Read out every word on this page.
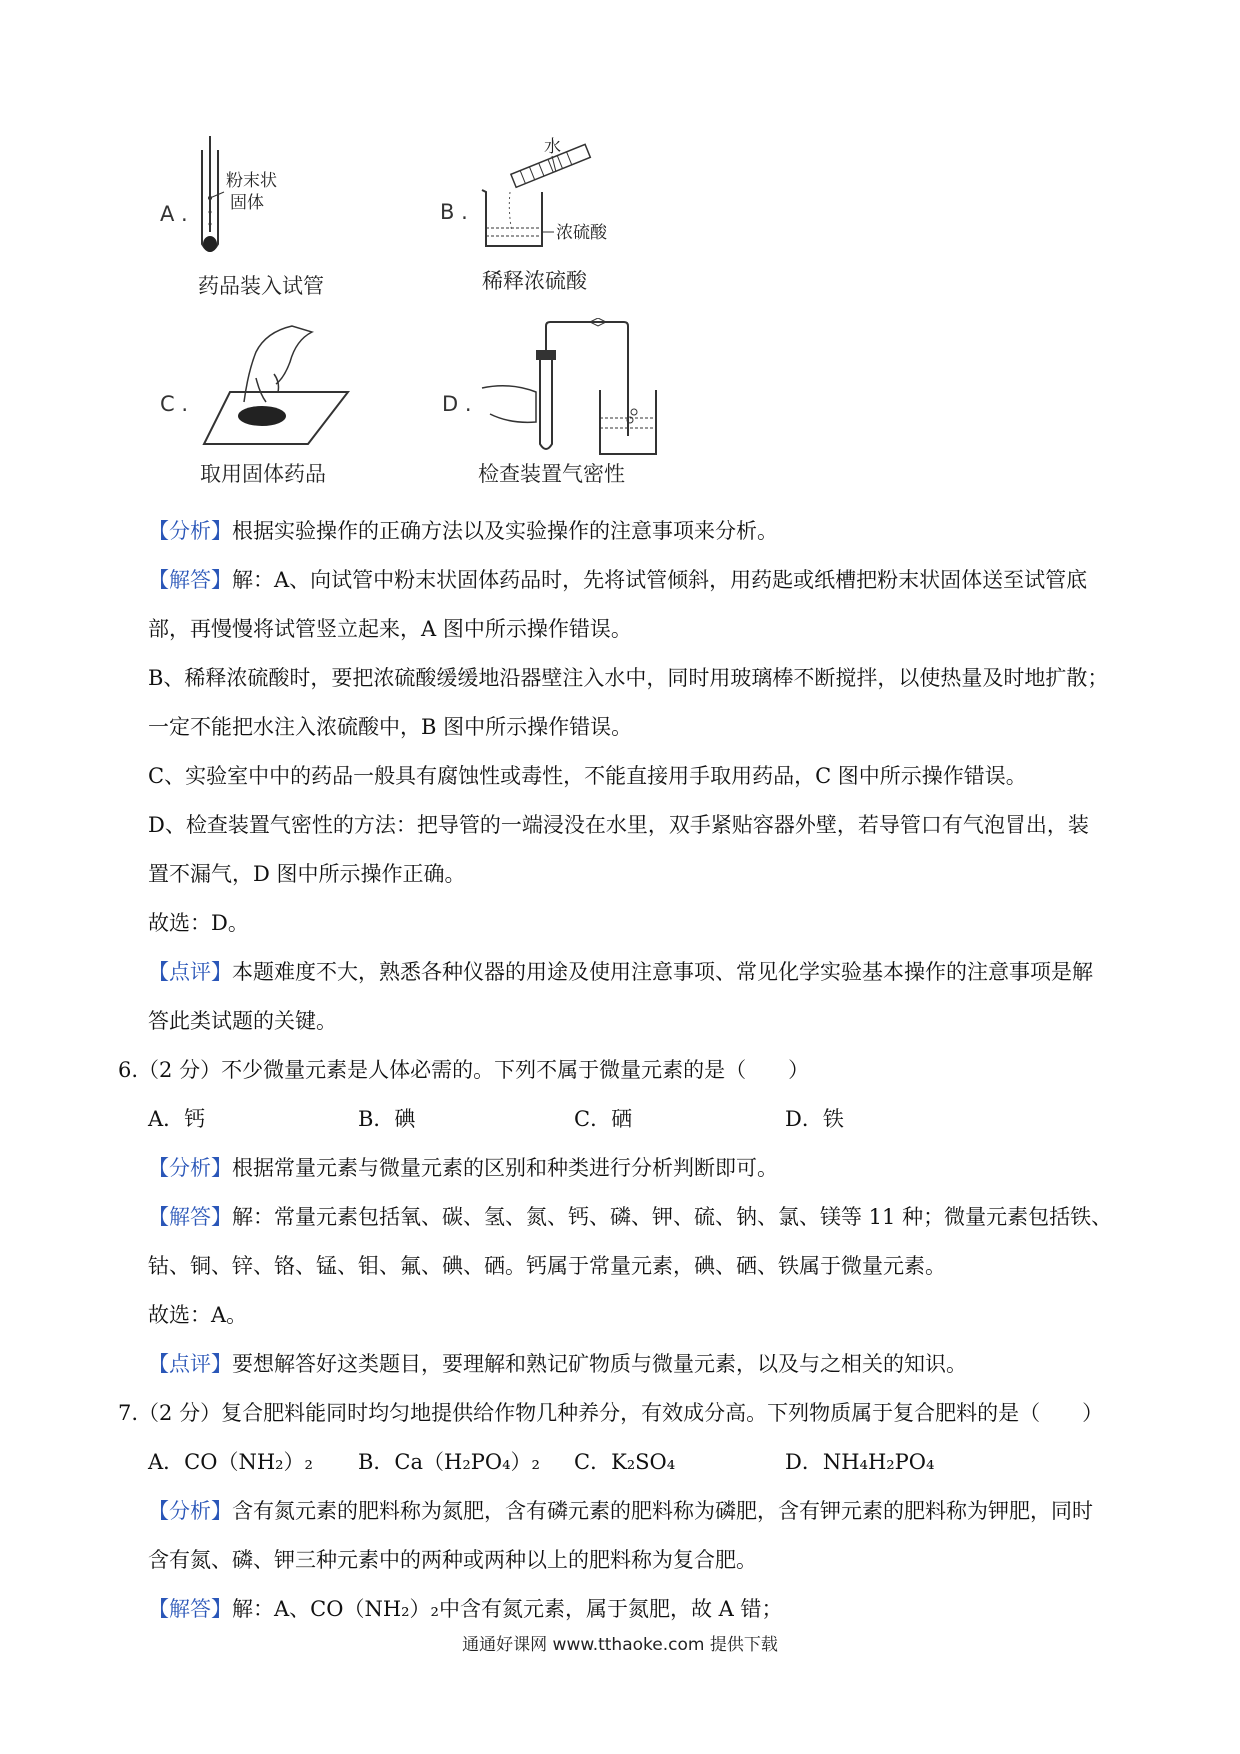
A .
粉末状
固体
药品装入试管
B .
水
浓硫酸
稀释浓硫酸
C .
取用固体药品
D .
检查装置气密性
【分析】根据实验操作的正确方法以及实验操作的注意事项来分析。
【解答】解：A、向试管中粉末状固体药品时，先将试管倾斜，用药匙或纸槽把粉末状固体送至试管底
部，再慢慢将试管竖立起来，A 图中所示操作错误。
B、稀释浓硫酸时，要把浓硫酸缓缓地沿器壁注入水中，同时用玻璃棒不断搅拌，以使热量及时地扩散；
一定不能把水注入浓硫酸中，B 图中所示操作错误。
C、实验室中中的药品一般具有腐蚀性或毒性，不能直接用手取用药品，C 图中所示操作错误。
D、检查装置气密性的方法：把导管的一端浸没在水里，双手紧贴容器外壁，若导管口有气泡冒出，装
置不漏气，D 图中所示操作正确。
故选：D。
【点评】本题难度不大，熟悉各种仪器的用途及使用注意事项、常见化学实验基本操作的注意事项是解
答此类试题的关键。
6.（2 分）不少微量元素是人体必需的。下列不属于微量元素的是（　　）
A．钙	B．碘	C．硒	D．铁
【分析】根据常量元素与微量元素的区别和种类进行分析判断即可。
【解答】解：常量元素包括氧、碳、氢、氮、钙、磷、钾、硫、钠、氯、镁等 11 种；微量元素包括铁、
钴、铜、锌、铬、锰、钼、氟、碘、硒。钙属于常量元素，碘、硒、铁属于微量元素。
故选：A。
【点评】要想解答好这类题目，要理解和熟记矿物质与微量元素，以及与之相关的知识。
7.（2 分）复合肥料能同时均匀地提供给作物几种养分，有效成分高。下列物质属于复合肥料的是（　　）
A．CO（NH₂）₂ B．Ca（H₂PO₄）₂ C．K₂SO₄	D．NH₄H₂PO₄
【分析】含有氮元素的肥料称为氮肥，含有磷元素的肥料称为磷肥，含有钾元素的肥料称为钾肥，同时
含有氮、磷、钾三种元素中的两种或两种以上的肥料称为复合肥。
【解答】解：A、CO（NH₂）₂中含有氮元素，属于氮肥，故 A 错；
通通好课网 www.tthaoke.com 提供下载
